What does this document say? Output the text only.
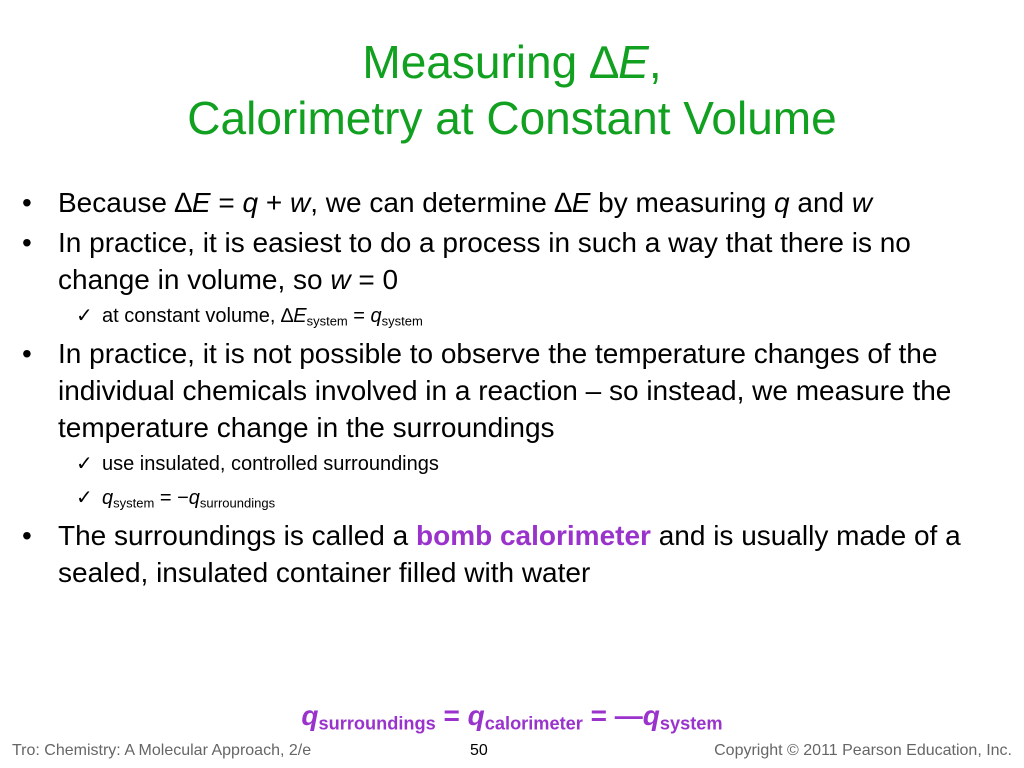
Measuring ∆E,
Calorimetry at Constant Volume
• Because ∆E = q + w, we can determine ∆E by measuring q and w
• In practice, it is easiest to do a process in such a way that there is no change in volume, so w = 0
✓ at constant volume, $\Delta E_{system} = q_{system}$
• In practice, it is not possible to observe the temperature changes of the individual chemicals involved in a reaction – so instead, we measure the temperature change in the surroundings
✓ use insulated, controlled surroundings
✓ $q_{system} = -q_{surroundings}$
• The surroundings is called a bomb calorimeter and is usually made of a sealed, insulated container filled with water
$q_{surroundings} = q_{calorimeter}$ = $—q_{system}$
Tro: Chemistry: A Molecular Approach, 2/e	50	Copyright © 2011 Pearson Education, Inc.
